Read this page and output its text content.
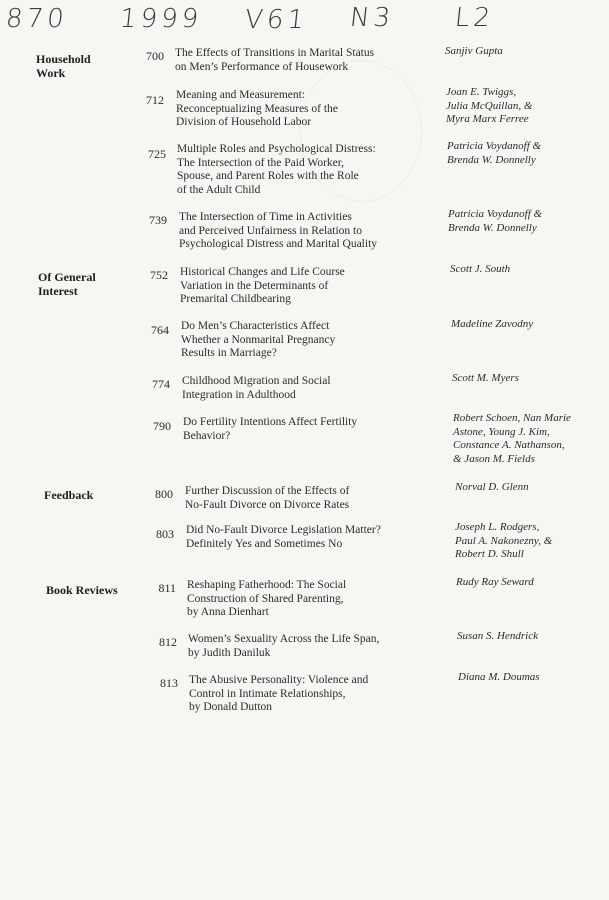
870 1999 V61 N3 L2
Household
Work
700 The Effects of Transitions in Marital Status
on Men’s Performance of Housework
Sanjiv Gupta
712 Meaning and Measurement:
Reconceptualizing Measures of the
Division of Household Labor
Joan E. Twiggs,
Julia McQuillan, &
Myra Marx Ferree
725 Multiple Roles and Psychological Distress:
The Intersection of the Paid Worker,
Spouse, and Parent Roles with the Role
of the Adult Child
Patricia Voydanoff &
Brenda W. Donnelly
739 The Intersection of Time in Activities
and Perceived Unfairness in Relation to
Psychological Distress and Marital Quality
Patricia Voydanoff &
Brenda W. Donnelly
Of General
Interest
752 Historical Changes and Life Course
Variation in the Determinants of
Premarital Childbearing
Scott J. South
764 Do Men’s Characteristics Affect
Whether a Nonmarital Pregnancy
Results in Marriage?
Madeline Zavodny
774 Childhood Migration and Social
Integration in Adulthood
Scott M. Myers
790 Do Fertility Intentions Affect Fertility
Behavior?
Robert Schoen, Nan Marie
Astone, Young J. Kim,
Constance A. Nathanson,
& Jason M. Fields
Feedback	800 Further Discussion of the Effects of
No-Fault Divorce on Divorce Rates
Norval D. Glenn
803 Did No-Fault Divorce Legislation Matter?
Definitely Yes and Sometimes No
Joseph L. Rodgers,
Paul A. Nakonezny, &
Robert D. Shull
Book Reviews	811 Reshaping Fatherhood: The Social
Construction of Shared Parenting,
by Anna Dienhart
Rudy Ray Seward
812 Women’s Sexuality Across the Life Span,
by Judith Daniluk
Susan S. Hendrick
813 The Abusive Personality: Violence and
Control in Intimate Relationships,
by Donald Dutton
Diana M. Doumas
